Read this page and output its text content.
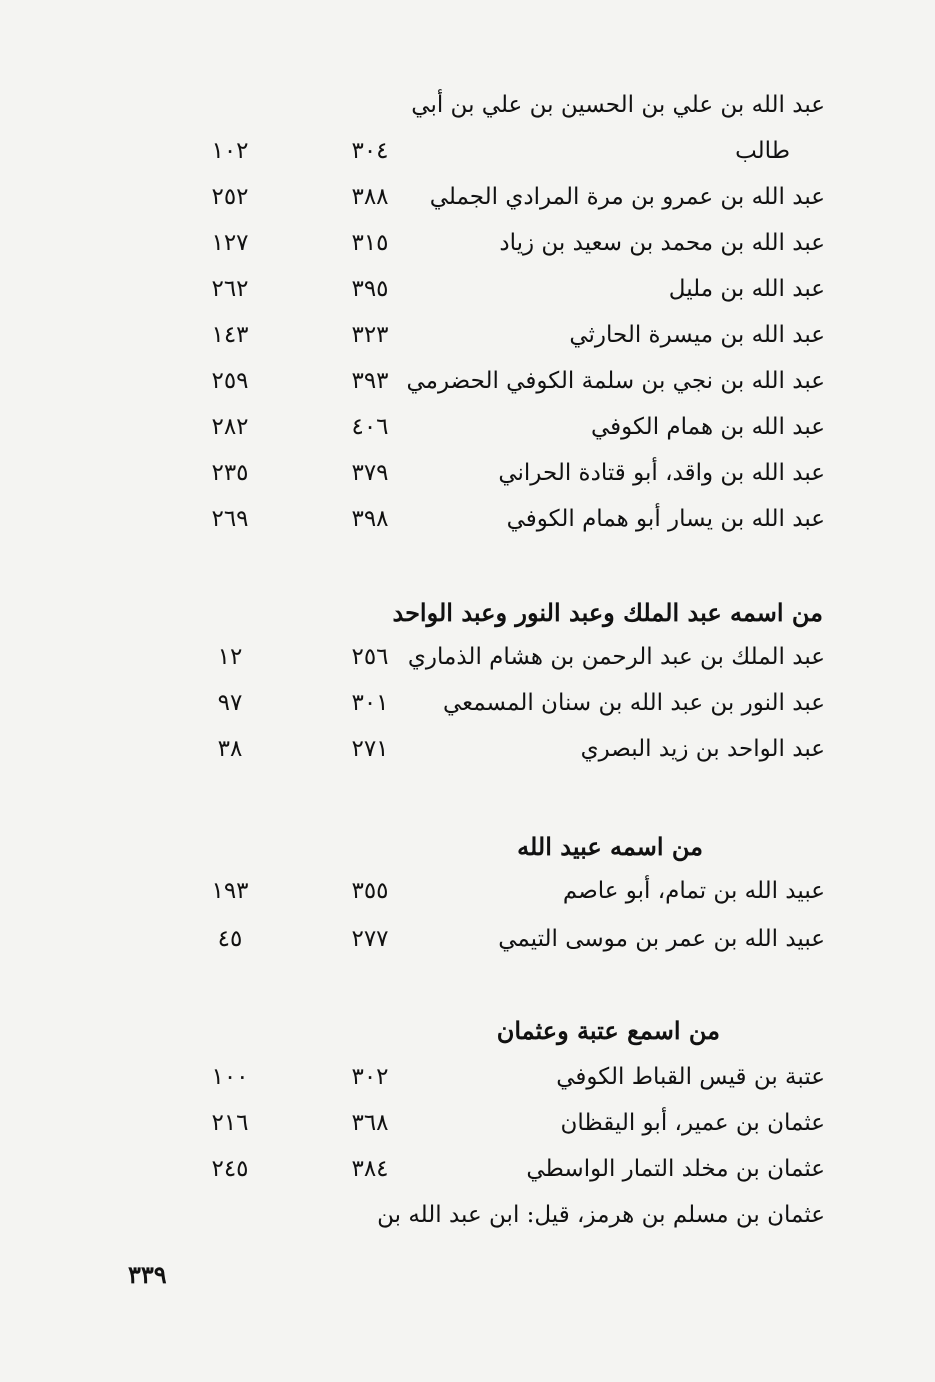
عبد الله بن علي بن الحسين بن علي بن أبي
طالب
٣٠٤
١٠٢
عبد الله بن عمرو بن مرة المرادي الجملي
٣٨٨
٢٥٢
عبد الله بن محمد بن سعيد بن زياد
٣١٥
١٢٧
عبد الله بن مليل
٣٩٥
٢٦٢
عبد الله بن ميسرة الحارثي
٣٢٣
١٤٣
عبد الله بن نجي بن سلمة الكوفي الحضرمي
٣٩٣
٢٥٩
عبد الله بن همام الكوفي
٤٠٦
٢٨٢
عبد الله بن واقد، أبو قتادة الحراني
٣٧٩
٢٣٥
عبد الله بن يسار أبو همام الكوفي
٣٩٨
٢٦٩
من اسمه عبد الملك وعبد النور وعبد الواحد
عبد الملك بن عبد الرحمن بن هشام الذماري
٢٥٦
١٢
عبد النور بن عبد الله بن سنان المسمعي
٣٠١
٩٧
عبد الواحد بن زيد البصري
٢٧١
٣٨
من اسمه عبيد الله
عبيد الله بن تمام، أبو عاصم
٣٥٥
١٩٣
عبيد الله بن عمر بن موسى التيمي
٢٧٧
٤٥
من اسمع عتبة وعثمان
عتبة بن قيس القباط الكوفي
٣٠٢
١٠٠
عثمان بن عمير، أبو اليقظان
٣٦٨
٢١٦
عثمان بن مخلد التمار الواسطي
٣٨٤
٢٤٥
عثمان بن مسلم بن هرمز، قيل: ابن عبد الله بن
٣٣٩
